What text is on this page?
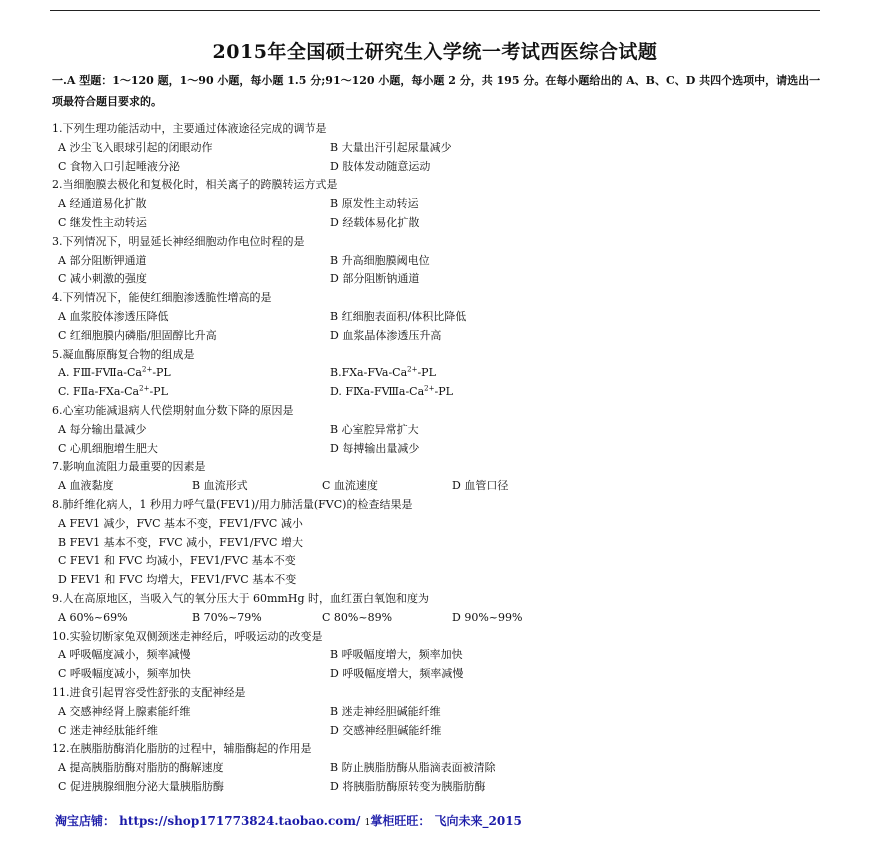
2015年全国硕士研究生入学统一考试西医综合试题
一.A 型题：1～120 题，1～90 小题，每小题 1.5 分;91～120 小题，每小题 2 分，共 195 分。在每小题给出的 A、B、C、D 共四个选项中，请选出一项最符合题目要求的。
1.下列生理功能活动中，主要通过体液途径完成的调节是
A 沙尘飞入眼球引起的闭眼动作	B 大量出汗引起尿量减少
C 食物入口引起唾液分泌	D 肢体发动随意运动
2.当细胞膜去极化和复极化时，相关离子的跨膜转运方式是
A 经通道易化扩散	B 原发性主动转运
C 继发性主动转运	D 经载体易化扩散
3.下列情况下，明显延长神经细胞动作电位时程的是
A 部分阻断钾通道	B 升高细胞膜阈电位
C 减小刺激的强度	D 部分阻断钠通道
4.下列情况下，能使红细胞渗透脆性增高的是
A 血浆胶体渗透压降低	B 红细胞表面积/体积比降低
C 红细胞膜内磷脂/胆固醇比升高	D 血浆晶体渗透压升高
5.凝血酶原酶复合物的组成是
A. $FⅢ-FⅦa-Ca^{2+}-PL$	$B.FXa-FVa-Ca^{2+}-PL$
C. FⅡa-$FXa-Ca^{2+}-PL$	D. FⅨa-$FⅧa-Ca^{2+}-PL$
6.心室功能减退病人代偿期射血分数下降的原因是
A 每分输出量减少	B 心室腔异常扩大
C 心肌细胞增生肥大	D 每搏输出量减少
7.影响血流阻力最重要的因素是
A 血液黏度	B 血流形式	C 血流速度	D 血管口径
8.肺纤维化病人，1 秒用力呼气量(FEV1)/用力肺活量(FVC)的检查结果是
A FEV1 减少，FVC 基本不变，FEV1/FVC 减小
B FEV1 基本不变，FVC 减小，FEV1/FVC 增大
C FEV1 和 FVC 均减小，FEV1/FVC 基本不变
D FEV1 和 FVC 均增大，FEV1/FVC 基本不变
9.人在高原地区，当吸入气的氧分压大于 60mmHg 时，血红蛋白氧饱和度为
A 60%~69%	B 70%~79%	C 80%~89%	D 90%~99%
10.实验切断家兔双侧颈迷走神经后，呼吸运动的改变是
A 呼吸幅度减小，频率减慢	B 呼吸幅度增大，频率加快
C 呼吸幅度减小，频率加快	D 呼吸幅度增大，频率减慢
11.进食引起胃容受性舒张的支配神经是
A 交感神经肾上腺素能纤维	B 迷走神经胆碱能纤维
C 迷走神经肽能纤维	D 交感神经胆碱能纤维
12.在胰脂肪酶消化脂肪的过程中，辅脂酶起的作用是
A 提高胰脂肪酶对脂肪的酶解速度	B 防止胰脂肪酶从脂滴表面被清除
C 促进胰腺细胞分泌大量胰脂肪酶	D 将胰脂肪酶原转变为胰脂肪酶
淘宝店铺： https://shop171773824.taobao.com/ 1掌柜旺旺： 飞向未来_2015
